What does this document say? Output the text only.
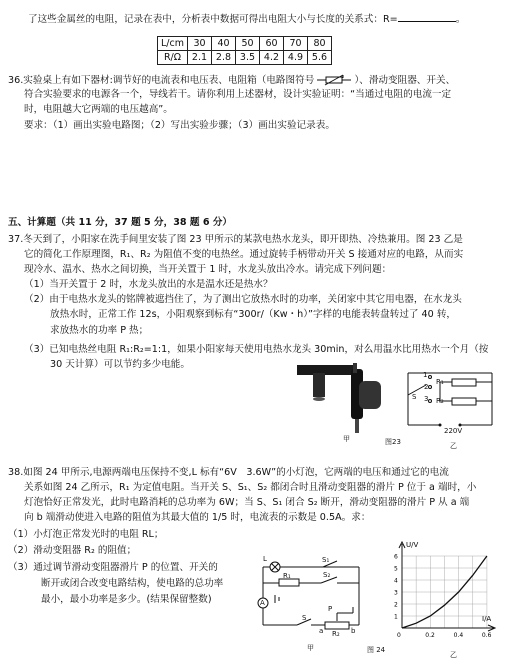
了这些金属丝的电阻，记录在表中，分析表中数据可得出电阻大小与长度的关系式：R=	。
L/cm	30	40	50	60	70	80
R/Ω	2.1	2.8	3.5	4.2	4.9	5.6
36.实验桌上有如下器材:调节好的电流表和电压表、电阻箱（电路图符号	）、滑动变阻器、开关、
符合实验要求的电源各一个，导线若干。请你利用上述器材，设计实验证明：“当通过电阻的电流一定
时，电阻越大它两端的电压越高”。
要求：（1）画出实验电路图；（2）写出实验步骤；（3）画出实验记录表。
五、计算题（共 11 分，37 题 5 分，38 题 6 分）
37.冬天到了，小阳家在洗手间里安装了图 23 甲所示的某款电热水龙头，即开即热、冷热兼用。图 23 乙是
它的简化工作原理图，R₁、R₂ 为阻值不变的电热丝。通过旋转手柄带动开关 S 接通对应的电路，从而实
现冷水、温水、热水之间切换，当开关置于 1 时，水龙头放出冷水。请完成下列问题：
（1）当开关置于 2 时，水龙头放出的水是温水还是热水？
（2）由于电热水龙头的铭牌被遮挡住了，为了测出它放热水时的功率，关闭家中其它用电器，在水龙头
放热水时，正常工作 12s，小阳观察到标有“300r/（Kw・h）”字样的电能表转盘转过了 40 转，
求放热水的功率 P 热；
（3）已知电热丝电阻 R₁:R₂=1:1，如果小阳家每天使用电热水龙头 30min，对么用温水比用热水一个月（按
30 天计算）可以节约多少电能。
甲	图23
R₁
R₂
S
1
2
3
220V
乙
38.如图 24 甲所示,电源两端电压保持不变,L 标有“6V　3.6W”的小灯泡，它两端的电压和通过它的电流
关系如图 24 乙所示，R₁ 为定值电阻。当开关 S、S₁、S₂ 都闭合时且滑动变阻器的滑片 P 位于 a 端时，小
灯泡恰好正常发光，此时电路消耗的总功率为 6W；当 S、S₁ 闭合 S₂ 断开，滑动变阻器的滑片 P 从 a 端
向 b 端滑动使进入电路的阻值为其最大值的 1/5 时，电流表的示数是 0.5A。求：
（1）小灯泡正常发光时的电阻 RL；
（2）滑动变阻器 R₂ 的阻值；
（3）通过调节滑动变阻器滑片 P 的位置、开关的
断开或闭合改变电路结构，使电路的总功率
最小，最小功率是多少。(结果保留整数)
L	S₁
R₁	S₂
A
S
P
a R₂ b
甲	图 24
1
2
3
4
5
6
0.2	0.4	0.6
U/V
I/A
0
乙
